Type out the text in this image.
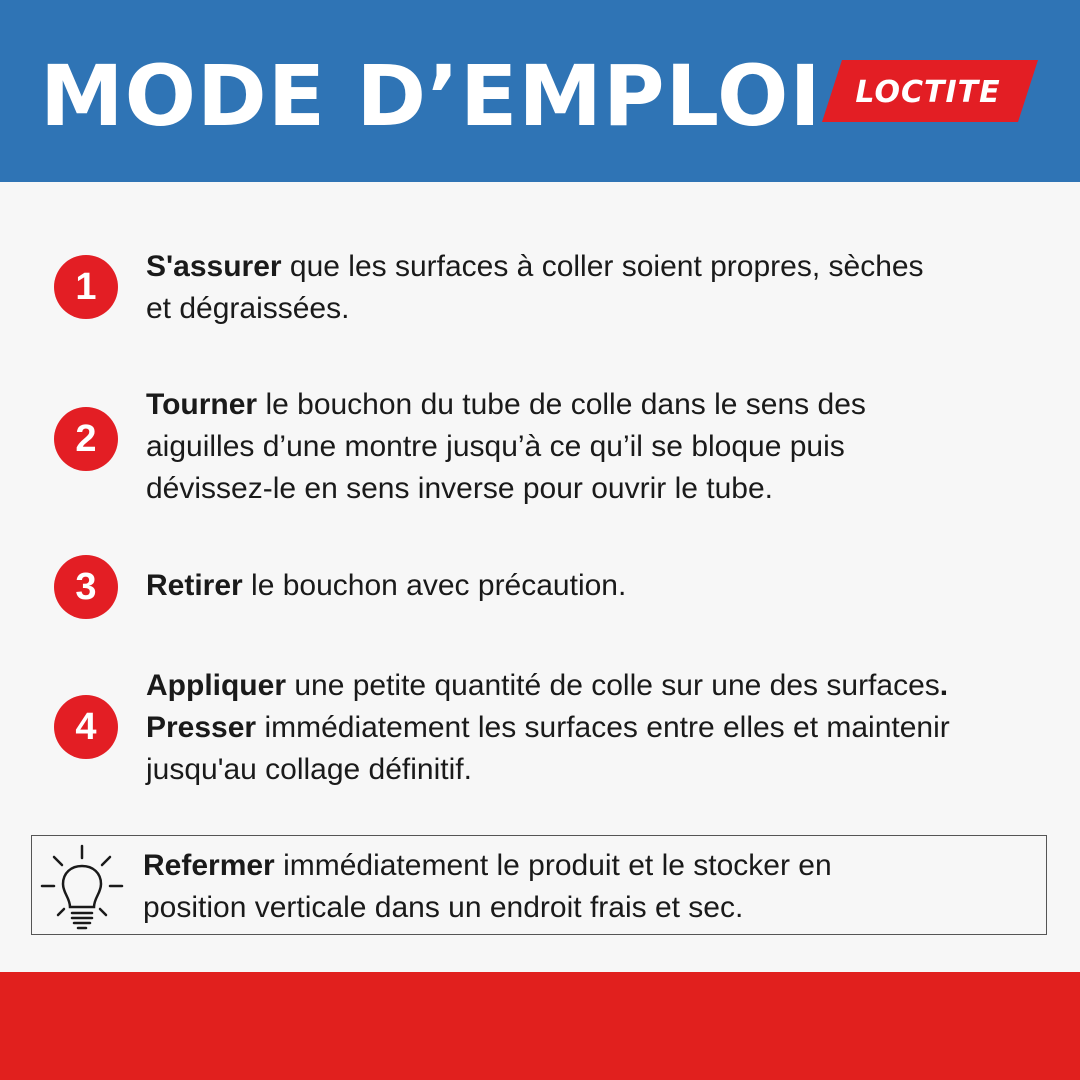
MODE D’EMPLOI LOCTITE
1	S'assurer que les surfaces à coller soient propres, sèches
et dégraissées.
2
Tourner le bouchon du tube de colle dans le sens des
aiguilles d’une montre jusqu’à ce qu’il se bloque puis
dévissez-le en sens inverse pour ouvrir le tube.
3	Retirer le bouchon avec précaution.
4
Appliquer une petite quantité de colle sur une des surfaces.
Presser immédiatement les surfaces entre elles et maintenir
jusqu'au collage définitif.
Refermer immédiatement le produit et le stocker en
position verticale dans un endroit frais et sec.
